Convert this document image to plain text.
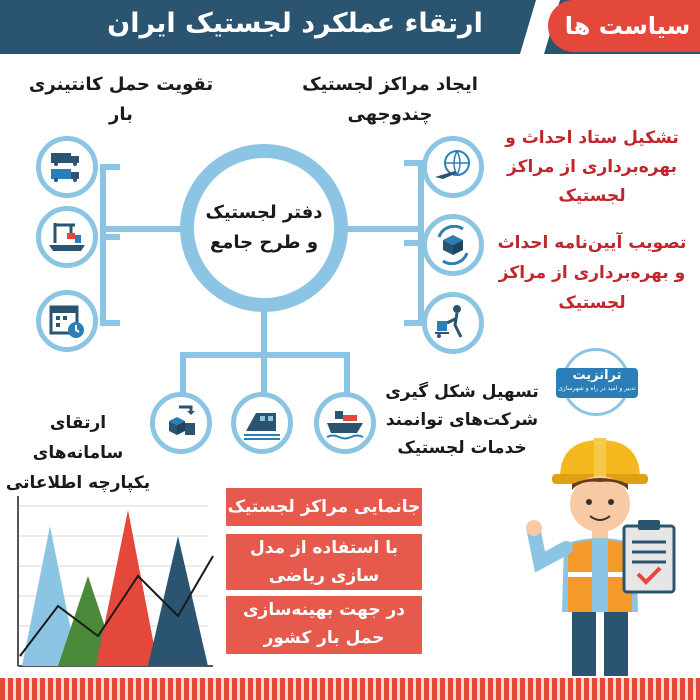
ارتقاء عملکرد لجستیک ایران	سیاست ها
تقویت حمل کانتینری
بار
ایجاد مراکز لجستیک
چندوجهی
دفتر لجستیک
و طرح جامع
تشکیل ستاد احداث و
بهره‌برداری از مراکز
لجستیک
تصویب آیین‌نامه احداث
و بهره‌برداری از مراکز
لجستیک
ترانزیت
تدبیر و امید در راه و شهرسازی
تسهیل شکل گیری
شرکت‌های توانمند
خدمات لجستیک
ارتقای سامانه‌های
یکپارچه اطلاعاتی
جانمایی مراکز لجستیک
با استفاده از مدل
سازی ریاضی
در جهت بهینه‌سازی
حمل بار کشور
